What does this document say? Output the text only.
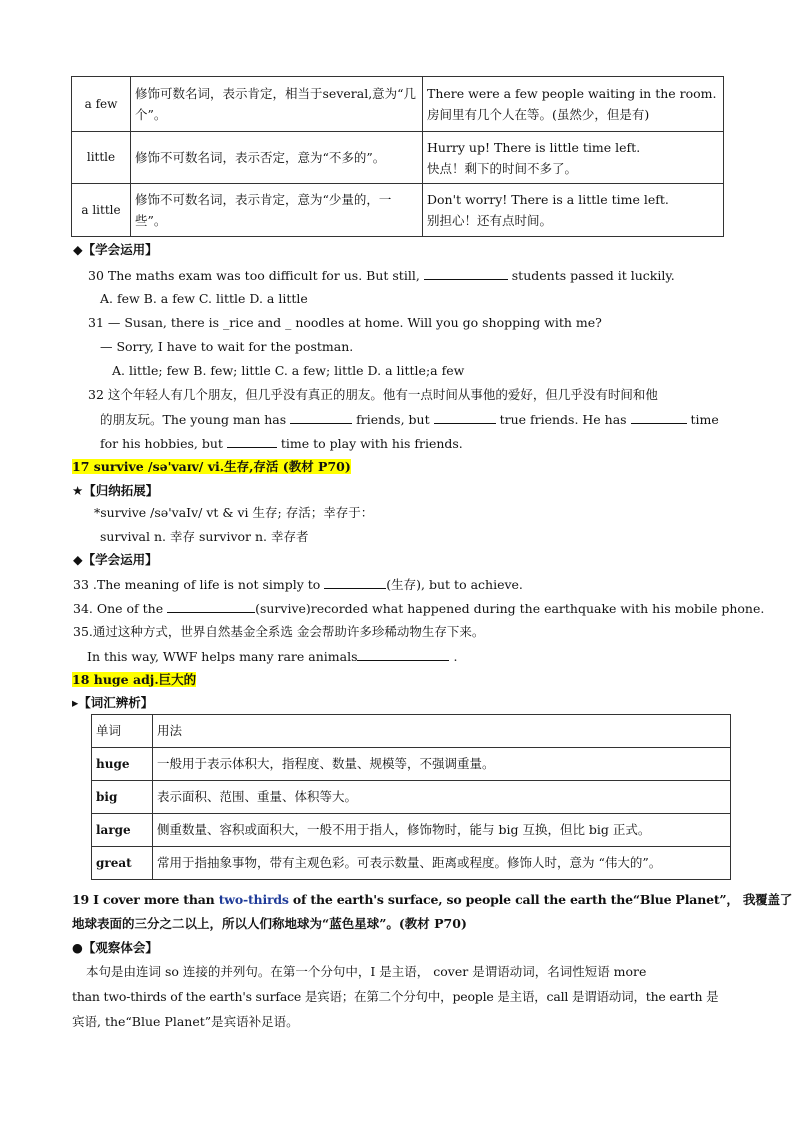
a few	修饰可数名词，表示肯定，相当于several,意为“几个”。	There were a few people waiting in the room.
房间里有几个人在等。(虽然少，但是有)

little	修饰不可数名词，表示否定，意为“不多的”。	Hurry up! There is little time left.
快点！剩下的时间不多了。

a little	修饰不可数名词，表示肯定，意为“少量的，一些”。	Don't worry! There is a little time left.
别担心！还有点时间。
◆【学会运用】
30 The maths exam was too difficult for us. But still,	students passed it luckily.
A. few B. a few C. little D. a little
31 — Susan, there is _rice and _ noodles at home. Will you go shopping with me?
— Sorry, I have to wait for the postman.
A. little; few B. few; little C. a few; little D. a little;a few
32 这个年轻人有几个朋友，但几乎没有真正的朋友。他有一点时间从事他的爱好，但几乎没有时间和他
的朋友玩。The young man has	friends, but	true friends. He has	time
for his hobbies, but	time to play with his friends.
17 survive /sə'vaɪv/ vi.生存,存活 (教材 P70)
★【归纳拓展】
*survive /sə'vaIv/ vt & vi 生存; 存活；幸存于：
survival n. 幸存 survivor n. 幸存者
◆【学会运用】
33 .The meaning of life is not simply to	(生存), but to achieve.
34. One of the	(survive)recorded what happened during the earthquake with his mobile phone.
35.通过这种方式，世界自然基金全系选 金会帮助许多珍稀动物生存下来。
In this way, WWF helps many rare animals	.
18 huge adj.巨大的
▸【词汇辨析】
单词	用法
huge	一般用于表示体积大，指程度、数量、规模等，不强调重量。
big	表示面积、范围、重量、体积等大。
large	侧重数量、容积或面积大，一般不用于指人，修饰物时，能与 big 互换，但比 big 正式。
great	常用于指抽象事物，带有主观色彩。可表示数量、距离或程度。修饰人时，意为 “伟大的”。
19 I cover more than two-thirds of the earth's surface, so people call the earth the“Blue Planet”， 我覆盖了
地球表面的三分之二以上，所以人们称地球为“蓝色星球”。(教材 P70)
●【观察体会】
本句是由连词 so 连接的并列句。在第一个分句中，I 是主语， cover 是谓语动词，名词性短语 more
than two-thirds of the earth's surface 是宾语；在第二个分句中，people 是主语，call 是谓语动词，the earth 是
宾语, the“Blue Planet”是宾语补足语。
